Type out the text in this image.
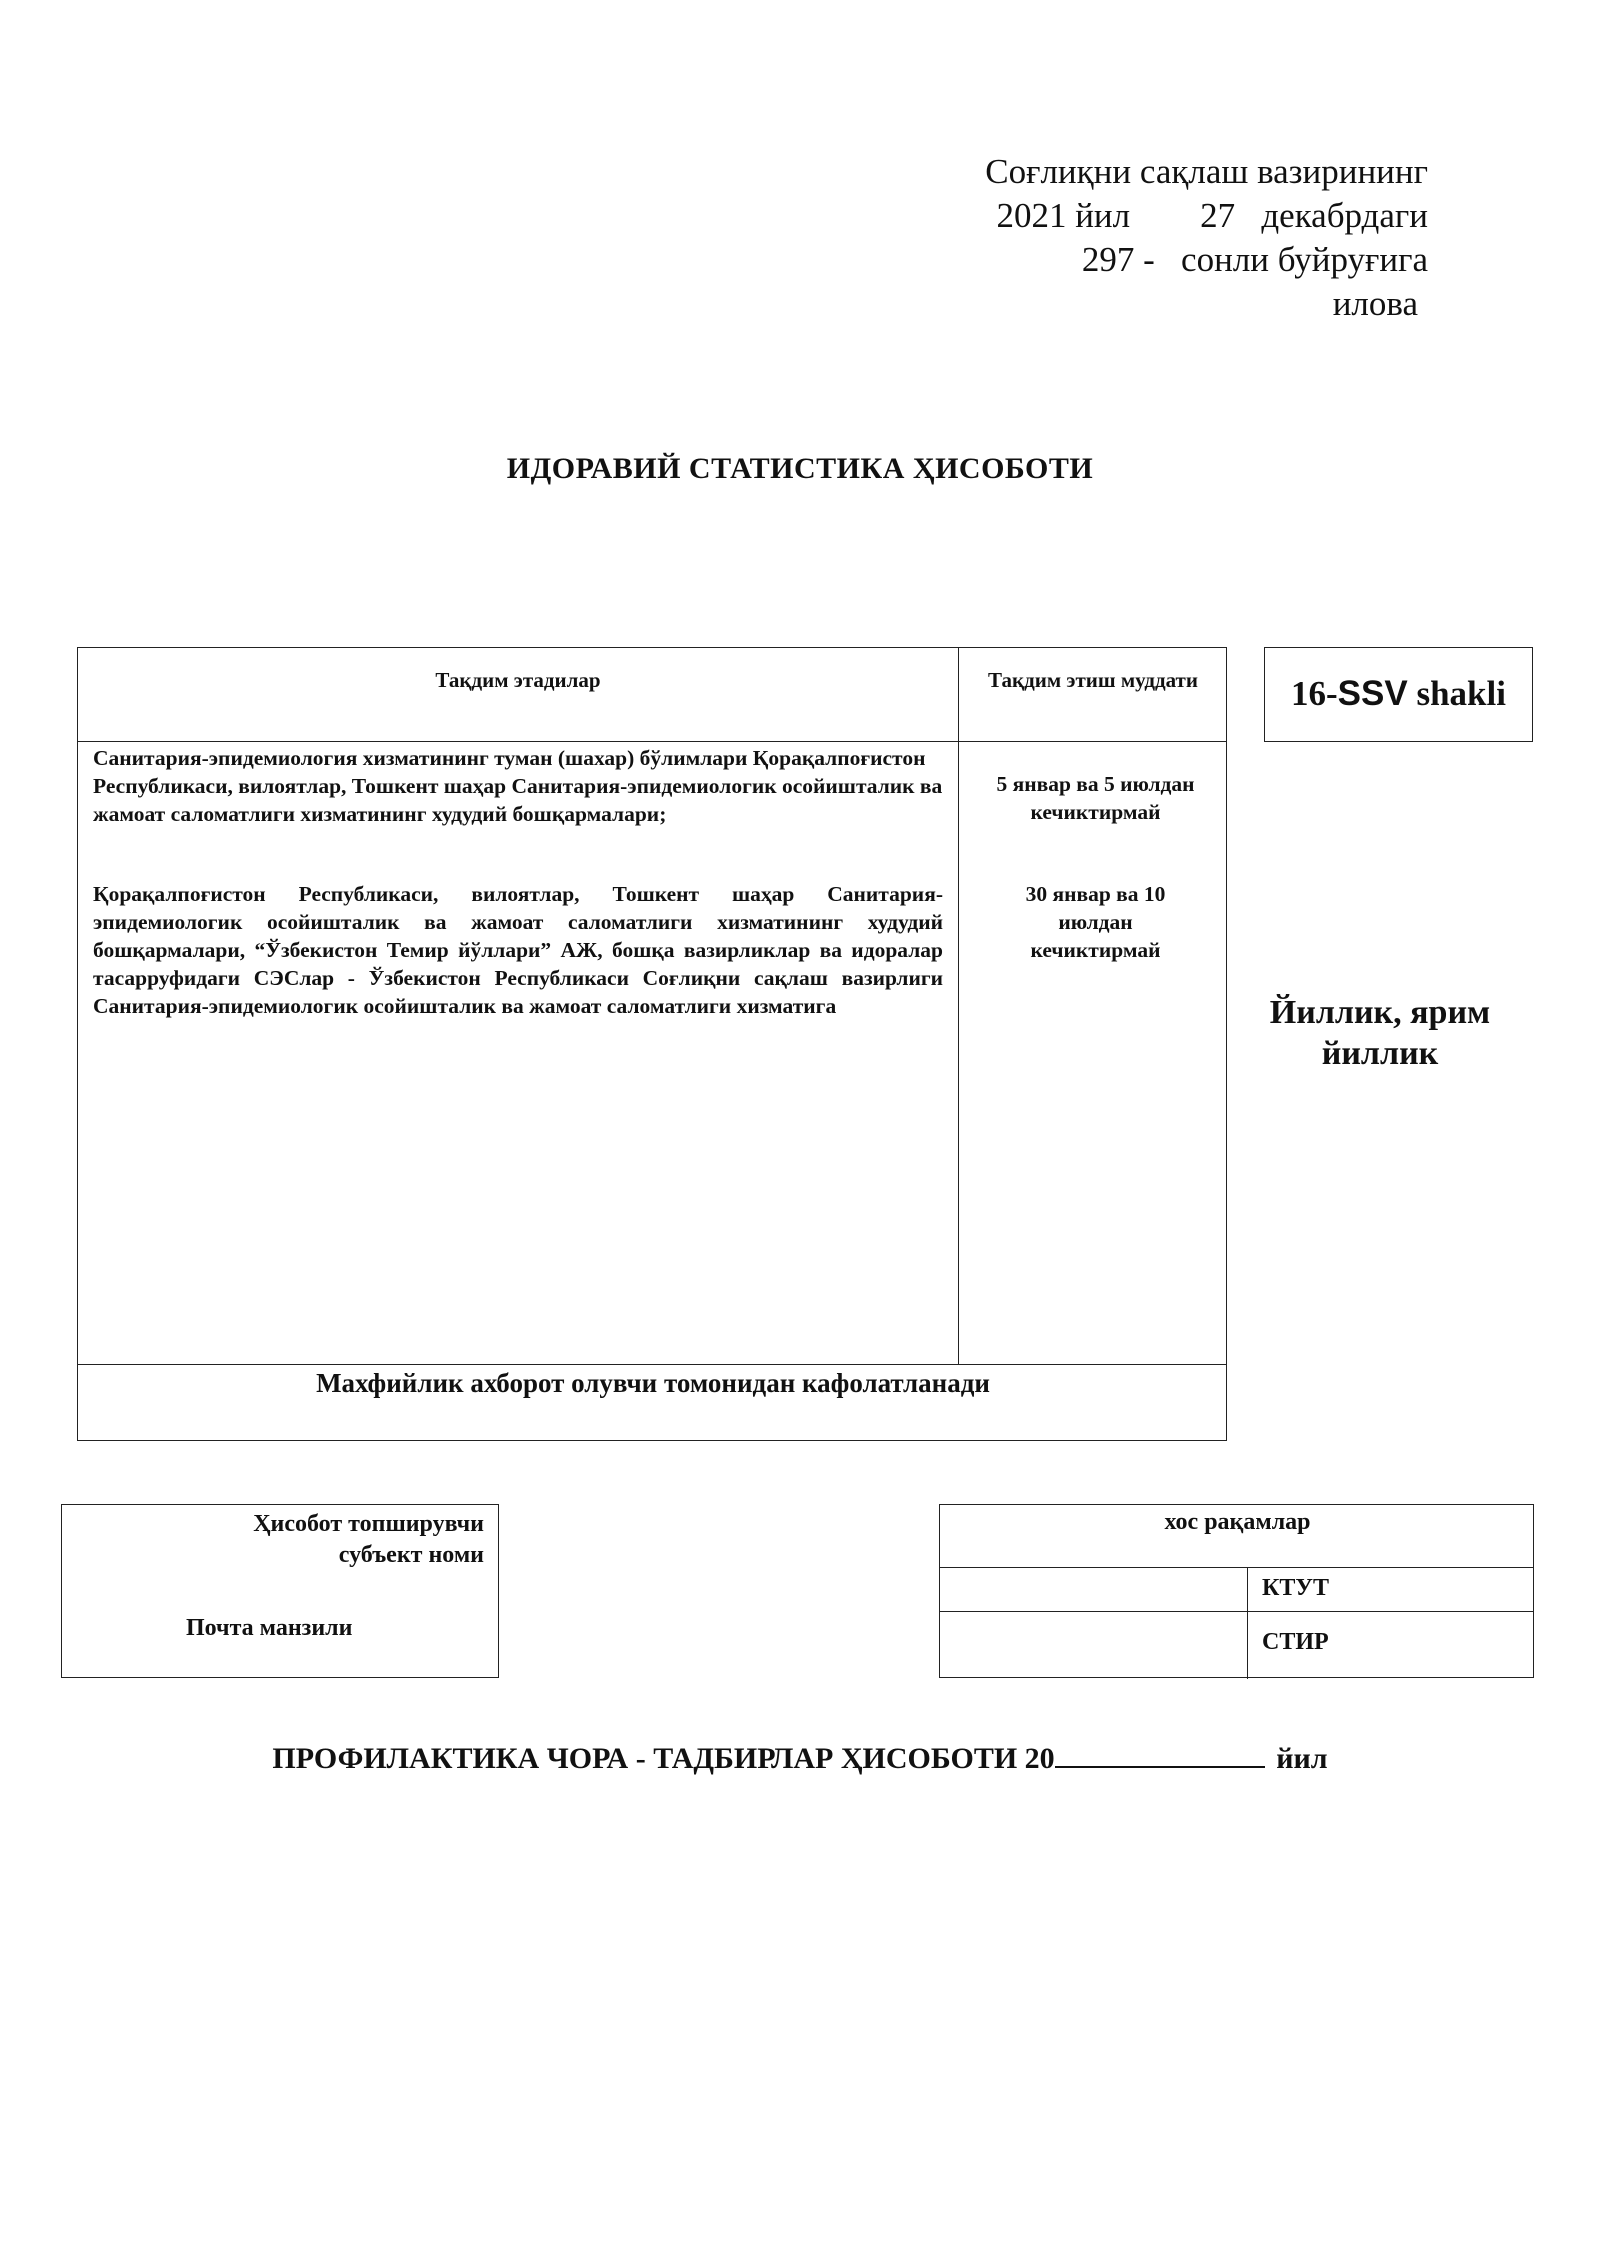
Соғлиқни сақлаш вазирининг
2021 йил        27   декабрдаги
297 -   сонли буйруғига
илова
ИДОРАВИЙ СТАТИСТИКА ҲИСОБОТИ
Тақдим этадилар	Тақдим этиш муддати
Санитария-эпидемиология хизматининг туман (шахар) бўлимлари Қорақалпоғистон Республикаси, вилоятлар, Тошкент шаҳар Санитария-эпидемиологик осойишталик ва жамоат саломатлиги хизматининг худудий бошқармалари;
Қорақалпоғистон Республикаси, вилоятлар, Тошкент шаҳар Санитария-эпидемиологик осойишталик ва жамоат саломатлиги хизматининг худудий бошқармалари, “Ўзбекистон Темир йўллари” АЖ, бошқа вазирликлар ва идоралар тасарруфидаги СЭСлар - Ўзбекистон Республикаси Соғлиқни сақлаш вазирлиги Санитария-эпидемиологик осойишталик ва жамоат саломатлиги хизматига
5 январ ва 5 июлдан кечиктирмай
30 январ ва 10 июлдан кечиктирмай
Махфийлик ахборот олувчи томонидан кафолатланади
16-SSV shakli
Йиллик, ярим йиллик
Ҳисобот топширувчи субъект номи
Почта манзили
хос рақамлар
КТУТ
СТИР
ПРОФИЛАКТИКА ЧОРА - ТАДБИРЛАР ҲИСОБОТИ 20	йил
